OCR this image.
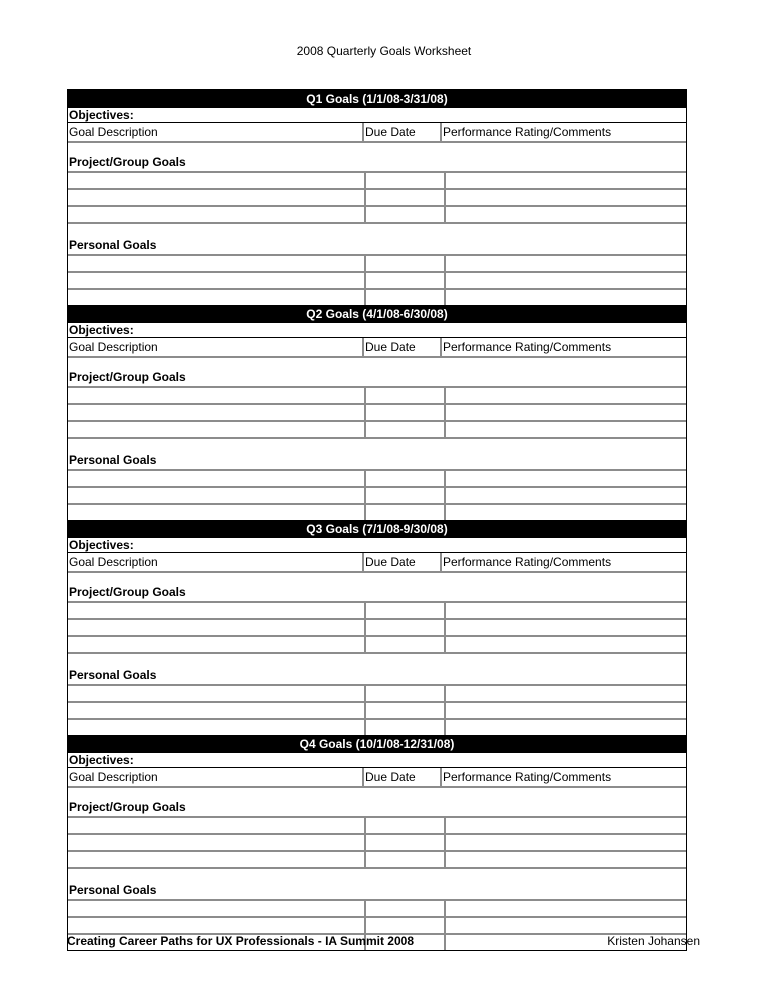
2008 Quarterly Goals Worksheet
Q1 Goals (1/1/08-3/31/08)
Objectives:
Goal Description	Due Date	Performance Rating/Comments
Project/Group Goals
Personal Goals
Q2 Goals (4/1/08-6/30/08)
Objectives:
Goal Description	Due Date	Performance Rating/Comments
Project/Group Goals
Personal Goals
Q3 Goals (7/1/08-9/30/08)
Objectives:
Goal Description	Due Date	Performance Rating/Comments
Project/Group Goals
Personal Goals
Q4 Goals (10/1/08-12/31/08)
Objectives:
Goal Description	Due Date	Performance Rating/Comments
Project/Group Goals
Personal Goals
Creating Career Paths for UX Professionals - IA Summit 2008	Kristen Johansen
